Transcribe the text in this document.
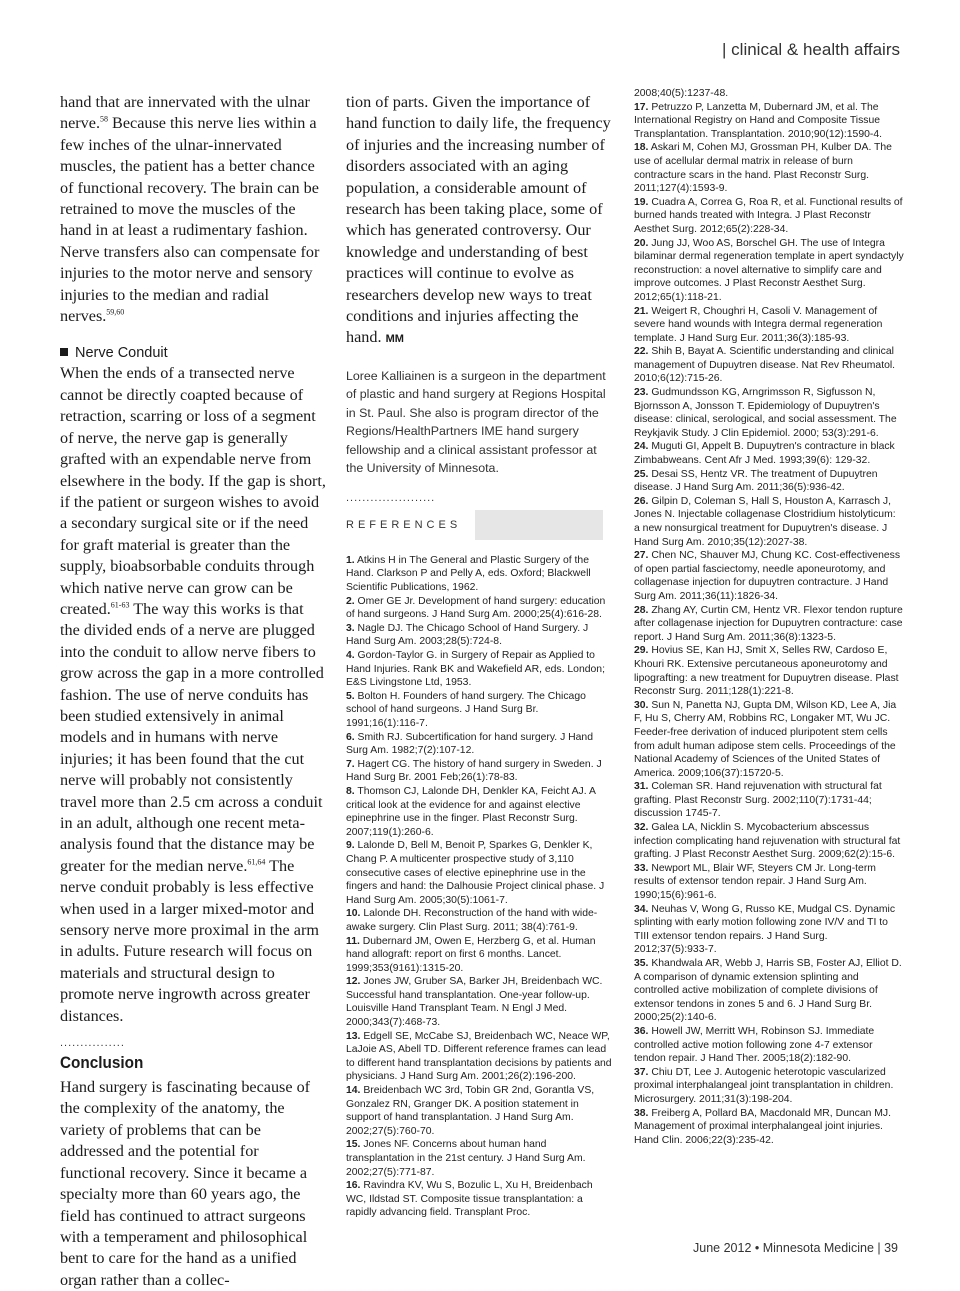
| clinical & health affairs

hand that are innervated with the ulnar nerve.$^{58}$ Because this nerve lies within a few inches of the ulnar-innervated muscles, the patient has a better chance of functional recovery. The brain can be retrained to move the muscles of the hand in at least a rudimentary fashion. Nerve transfers also can compensate for injuries to the motor nerve and sensory injuries to the median and radial nerves.$^{59,60}$

Nerve Conduit

When the ends of a transected nerve cannot be directly coapted because of retraction, scarring or loss of a segment of nerve, the nerve gap is generally grafted with an expendable nerve from elsewhere in the body. If the gap is short, if the patient or surgeon wishes to avoid a secondary surgical site or if the need for graft material is greater than the supply, bioabsorbable conduits through which native nerve can grow can be created.$^{61-63}$ The way this works is that the divided ends of a nerve are plugged into the conduit to allow nerve fibers to grow across the gap in a more controlled fashion. The use of nerve conduits has been studied extensively in animal models and in humans with nerve injuries; it has been found that the cut nerve will probably not consistently travel more than 2.5 cm across a conduit in an adult, although one recent meta-analysis found that the distance may be greater for the median nerve.$^{61,64}$ The nerve conduit probably is less effective when used in a larger mixed-motor and sensory nerve more proximal in the arm in adults. Future research will focus on materials and structural design to promote nerve ingrowth across greater distances.

................
Conclusion

Hand surgery is fascinating because of the complexity of the anatomy, the variety of problems that can be addressed and the potential for functional recovery. Since it became a specialty more than 60 years ago, the field has continued to attract surgeons with a temperament and philosophical bent to care for the hand as a unified organ rather than a collec-

tion of parts. Given the importance of hand function to daily life, the frequency of injuries and the increasing number of disorders associated with an aging population, a considerable amount of research has been taking place, some of which has generated controversy. Our knowledge and understanding of best practices will continue to evolve as researchers develop new ways to treat conditions and injuries affecting the hand. MM

Loree Kalliainen is a surgeon in the department of plastic and hand surgery at Regions Hospital in St. Paul. She also is program director of the Regions/HealthPartners IME hand surgery fellowship and a clinical assistant professor at the University of Minnesota.
......................
REFERENCES

1. Atkins H in The General and Plastic Surgery of the Hand. Clarkson P and Pelly A, eds. Oxford; Blackwell Scientific Publications, 1962.

2. Omer GE Jr. Development of hand surgery: education of hand surgeons. J Hand Surg Am. 2000;25(4):616-28.

3. Nagle DJ. The Chicago School of Hand Surgery. J Hand Surg Am. 2003;28(5):724-8.

4. Gordon-Taylor G. in Surgery of Repair as Applied to Hand Injuries. Rank BK and Wakefield AR, eds. London; E&S Livingstone Ltd, 1953.

5. Bolton H. Founders of hand surgery. The Chicago school of hand surgeons. J Hand Surg Br. 1991;16(1):116-7.

6. Smith RJ. Subcertification for hand surgery. J Hand Surg Am. 1982;7(2):107-12.

7. Hagert CG. The history of hand surgery in Sweden. J Hand Surg Br. 2001 Feb;26(1):78-83.

8. Thomson CJ, Lalonde DH, Denkler KA, Feicht AJ. A critical look at the evidence for and against elective epinephrine use in the finger. Plast Reconstr Surg. 2007;119(1):260-6.

9. Lalonde D, Bell M, Benoit P, Sparkes G, Denkler K, Chang P. A multicenter prospective study of 3,110 consecutive cases of elective epinephrine use in the fingers and hand: the Dalhousie Project clinical phase. J Hand Surg Am. 2005;30(5):1061-7.

10. Lalonde DH. Reconstruction of the hand with wide-awake surgery. Clin Plast Surg. 2011; 38(4):761-9.

11. Dubernard JM, Owen E, Herzberg G, et al. Human hand allograft: report on first 6 months. Lancet. 1999;353(9161):1315-20.

12. Jones JW, Gruber SA, Barker JH, Breidenbach WC. Successful hand transplantation. One-year follow-up. Louisville Hand Transplant Team. N Engl J Med. 2000;343(7):468-73.

13. Edgell SE, McCabe SJ, Breidenbach WC, Neace WP, LaJoie AS, Abell TD. Different reference frames can lead to different hand transplantation decisions by patients and physicians. J Hand Surg Am. 2001;26(2):196-200.

14. Breidenbach WC 3rd, Tobin GR 2nd, Gorantla VS, Gonzalez RN, Granger DK. A position statement in support of hand transplantation. J Hand Surg Am. 2002;27(5):760-70.

15. Jones NF. Concerns about human hand transplantation in the 21st century. J Hand Surg Am. 2002;27(5):771-87.

16. Ravindra KV, Wu S, Bozulic L, Xu H, Breidenbach WC, Ildstad ST. Composite tissue transplantation: a rapidly advancing field. Transplant Proc.

2008;40(5):1237-48.

17. Petruzzo P, Lanzetta M, Dubernard JM, et al. The International Registry on Hand and Composite Tissue Transplantation. Transplantation. 2010;90(12):1590-4.

18. Askari M, Cohen MJ, Grossman PH, Kulber DA. The use of acellular dermal matrix in release of burn contracture scars in the hand. Plast Reconstr Surg. 2011;127(4):1593-9.

19. Cuadra A, Correa G, Roa R, et al. Functional results of burned hands treated with Integra. J Plast Reconstr Aesthet Surg. 2012;65(2):228-34.

20. Jung JJ, Woo AS, Borschel GH. The use of Integra bilaminar dermal regeneration template in apert syndactyly reconstruction: a novel alternative to simplify care and improve outcomes. J Plast Reconstr Aesthet Surg. 2012;65(1):118-21.

21. Weigert R, Choughri H, Casoli V. Management of severe hand wounds with Integra dermal regeneration template. J Hand Surg Eur. 2011;36(3):185-93.

22. Shih B, Bayat A. Scientific understanding and clinical management of Dupuytren disease. Nat Rev Rheumatol. 2010;6(12):715-26.

23. Gudmundsson KG, Arngrimsson R, Sigfusson N, Bjornsson A, Jonsson T. Epidemiology of Dupuytren's disease: clinical, serological, and social assessment. The Reykjavik Study. J Clin Epidemiol. 2000; 53(3):291-6.

24. Muguti GI, Appelt B. Dupuytren's contracture in black Zimbabweans. Cent Afr J Med. 1993;39(6): 129-32.

25. Desai SS, Hentz VR. The treatment of Dupuytren disease. J Hand Surg Am. 2011;36(5):936-42.

26. Gilpin D, Coleman S, Hall S, Houston A, Karrasch J, Jones N. Injectable collagenase Clostridium histolyticum: a new nonsurgical treatment for Dupuytren's disease. J Hand Surg Am. 2010;35(12):2027-38.

27. Chen NC, Shauver MJ, Chung KC. Cost-effectiveness of open partial fasciectomy, needle aponeurotomy, and collagenase injection for dupuytren contracture. J Hand Surg Am. 2011;36(11):1826-34.

28. Zhang AY, Curtin CM, Hentz VR. Flexor tendon rupture after collagenase injection for Dupuytren contracture: case report. J Hand Surg Am. 2011;36(8):1323-5.

29. Hovius SE, Kan HJ, Smit X, Selles RW, Cardoso E, Khouri RK. Extensive percutaneous aponeurotomy and lipografting: a new treatment for Dupuytren disease. Plast Reconstr Surg. 2011;128(1):221-8.

30. Sun N, Panetta NJ, Gupta DM, Wilson KD, Lee A, Jia F, Hu S, Cherry AM, Robbins RC, Longaker MT, Wu JC. Feeder-free derivation of induced pluripotent stem cells from adult human adipose stem cells. Proceedings of the National Academy of Sciences of the United States of America. 2009;106(37):15720-5.

31. Coleman SR. Hand rejuvenation with structural fat grafting. Plast Reconstr Surg. 2002;110(7):1731-44; discussion 1745-7.

32. Galea LA, Nicklin S. Mycobacterium abscessus infection complicating hand rejuvenation with structural fat grafting. J Plast Reconstr Aesthet Surg. 2009;62(2):15-6.

33. Newport ML, Blair WF, Steyers CM Jr. Long-term results of extensor tendon repair. J Hand Surg Am. 1990;15(6):961-6.

34. Neuhas V, Wong G, Russo KE, Mudgal CS. Dynamic splinting with early motion following zone IV/V and TI to TIII extensor tendon repairs. J Hand Surg. 2012;37(5):933-7.

35. Khandwala AR, Webb J, Harris SB, Foster AJ, Elliot D. A comparison of dynamic extension splinting and controlled active mobilization of complete divisions of extensor tendons in zones 5 and 6. J Hand Surg Br. 2000;25(2):140-6.

36. Howell JW, Merritt WH, Robinson SJ. Immediate controlled active motion following zone 4-7 extensor tendon repair. J Hand Ther. 2005;18(2):182-90.

37. Chiu DT, Lee J. Autogenic heterotopic vascularized proximal interphalangeal joint transplantation in children. Microsurgery. 2011;31(3):198-204.

38. Freiberg A, Pollard BA, Macdonald MR, Duncan MJ. Management of proximal interphalangeal joint injuries. Hand Clin. 2006;22(3):235-42.

June 2012 • Minnesota Medicine | 39
